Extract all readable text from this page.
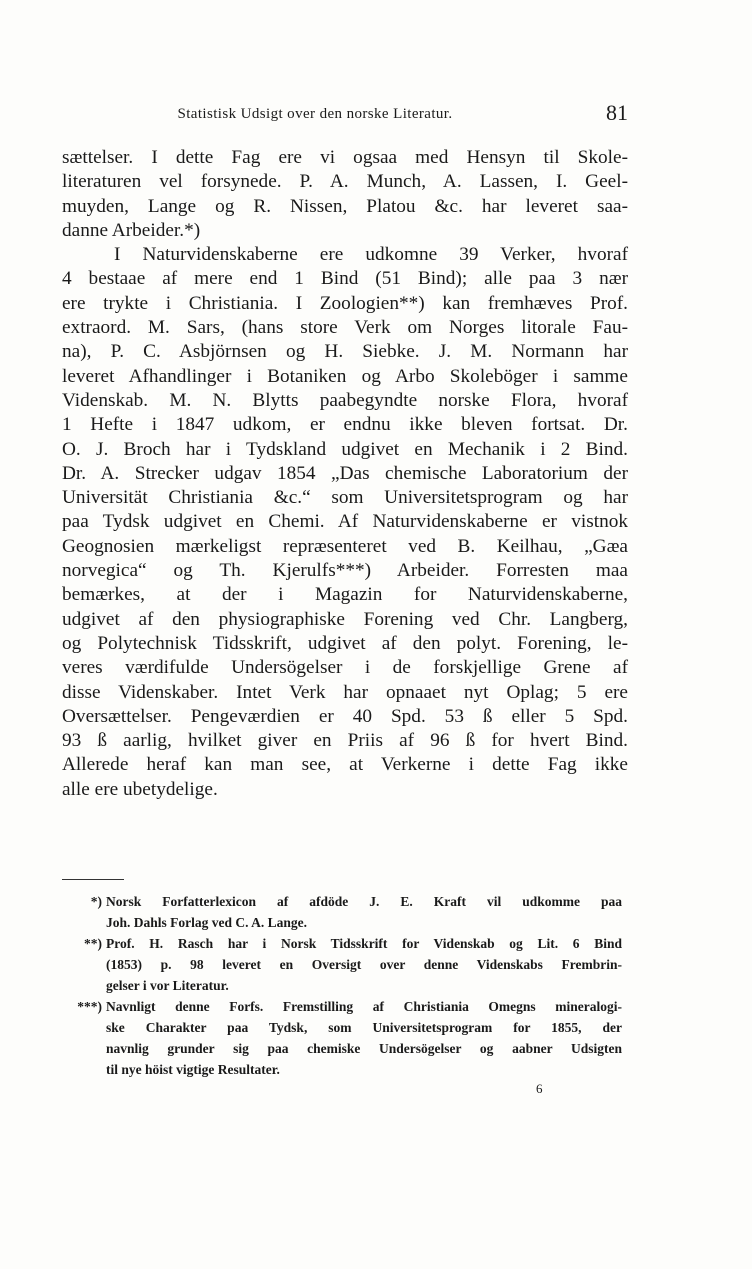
Statistisk Udsigt over den norske Literatur.	81
sættelser. I dette Fag ere vi ogsaa med Hensyn til Skole-
literaturen vel forsynede. P. A. Munch, A. Lassen, I. Geel-
muyden, Lange og R. Nissen, Platou &c. har leveret saa-
danne Arbeider.*)
I Naturvidenskaberne ere udkomne 39 Verker, hvoraf
4 bestaae af mere end 1 Bind (51 Bind); alle paa 3 nær
ere trykte i Christiania. I Zoologien**) kan fremhæves Prof.
extraord. M. Sars, (hans store Verk om Norges litorale Fau-
na), P. C. Asbjörnsen og H. Siebke. J. M. Normann har
leveret Afhandlinger i Botaniken og Arbo Skoleböger i samme
Videnskab. M. N. Blytts paabegyndte norske Flora, hvoraf
1 Hefte i 1847 udkom, er endnu ikke bleven fortsat. Dr.
O. J. Broch har i Tydskland udgivet en Mechanik i 2 Bind.
Dr. A. Strecker udgav 1854 „Das chemische Laboratorium der
Universität Christiania &c.“ som Universitetsprogram og har
paa Tydsk udgivet en Chemi. Af Naturvidenskaberne er vistnok
Geognosien mærkeligst repræsenteret ved B. Keilhau, „Gæa
norvegica“ og Th. Kjerulfs***) Arbeider. Forresten maa
bemærkes, at der i Magazin for Naturvidenskaberne,
udgivet af den physiographiske Forening ved Chr. Langberg,
og Polytechnisk Tidsskrift, udgivet af den polyt. Forening, le-
veres værdifulde Undersögelser i de forskjellige Grene af
disse Videnskaber. Intet Verk har opnaaet nyt Oplag; 5 ere
Oversættelser. Pengeværdien er 40 Spd. 53 ß eller 5 Spd.
93 ß aarlig, hvilket giver en Priis af 96 ß for hvert Bind.
Allerede heraf kan man see, at Verkerne i dette Fag ikke
alle ere ubetydelige.
*) Norsk Forfatterlexicon af afdöde J. E. Kraft vil udkomme paa
Joh. Dahls Forlag ved C. A. Lange.
**) Prof. H. Rasch har i Norsk Tidsskrift for Videnskab og Lit. 6 Bind
(1853) p. 98 leveret en Oversigt over denne Videnskabs Frembrin-
gelser i vor Literatur.
***) Navnligt denne Forfs. Fremstilling af Christiania Omegns mineralogi-
ske Charakter paa Tydsk, som Universitetsprogram for 1855, der
navnlig grunder sig paa chemiske Undersögelser og aabner Udsigten
til nye höist vigtige Resultater.
6
